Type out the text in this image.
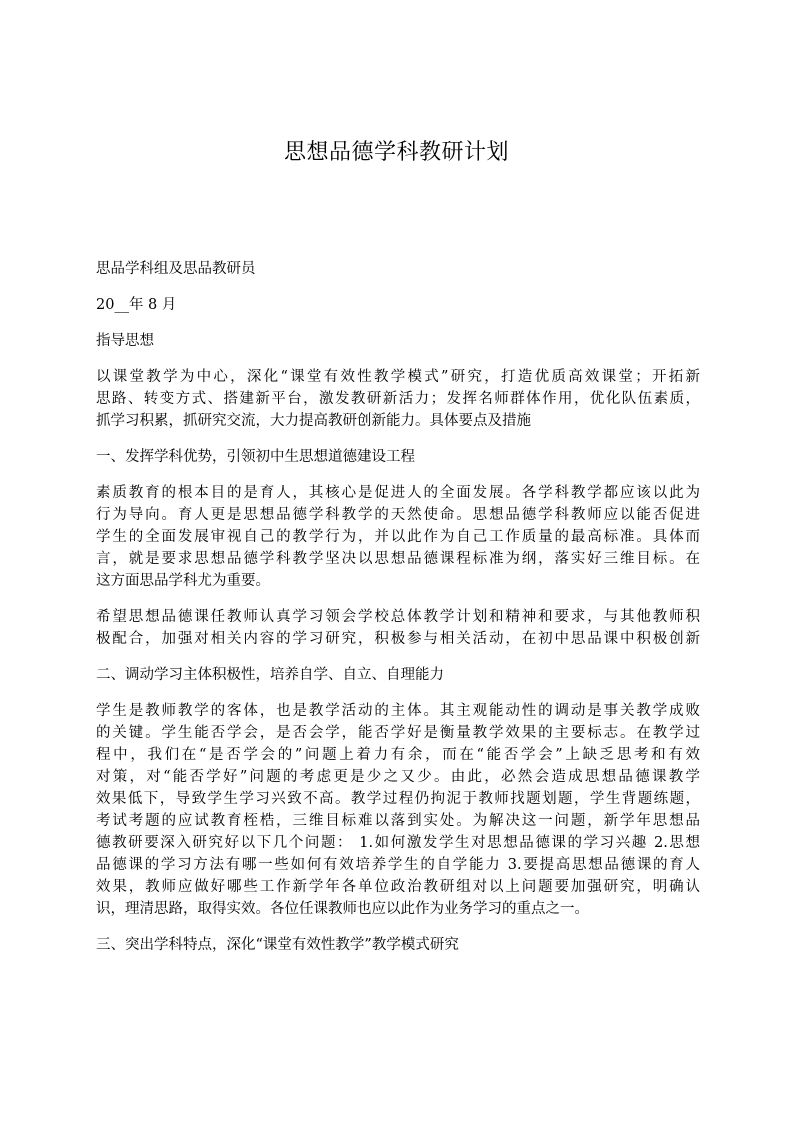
思想品德学科教研计划

思品学科组及思品教研员

20__年 8 月

指导思想

以课堂教学为中心，深化“课堂有效性教学模式”研究，打造优质高效课堂；开拓新
思路、转变方式、搭建新平台，激发教研新活力；发挥名师群体作用，优化队伍素质，
抓学习积累，抓研究交流，大力提高教研创新能力。具体要点及措施

一、发挥学科优势，引领初中生思想道德建设工程

素质教育的根本目的是育人，其核心是促进人的全面发展。各学科教学都应该以此为
行为导向。育人更是思想品德学科教学的天然使命。思想品德学科教师应以能否促进
学生的全面发展审视自己的教学行为，并以此作为自己工作质量的最高标准。具体而
言，就是要求思想品德学科教学坚决以思想品德课程标准为纲，落实好三维目标。在
这方面思品学科尤为重要。

希望思想品德课任教师认真学习领会学校总体教学计划和精神和要求，与其他教师积
极配合，加强对相关内容的学习研究，积极参与相关活动，在初中思品课中积极创新

二、调动学习主体积极性，培养自学、自立、自理能力

学生是教师教学的客体，也是教学活动的主体。其主观能动性的调动是事关教学成败
的关键。学生能否学会，是否会学，能否学好是衡量教学效果的主要标志。在教学过
程中，我们在“是否学会的”问题上着力有余，而在“能否学会”上缺乏思考和有效
对策，对“能否学好”问题的考虑更是少之又少。由此，必然会造成思想品德课教学
效果低下，导致学生学习兴致不高。教学过程仍拘泥于教师找题划题，学生背题练题，
考试考题的应试教育桎梏，三维目标难以落到实处。为解决这一问题，新学年思想品
德教研要深入研究好以下几个问题： 1.如何激发学生对思想品德课的学习兴趣 2.思想
品德课的学习方法有哪一些如何有效培养学生的自学能力 3.要提高思想品德课的育人
效果，教师应做好哪些工作新学年各单位政治教研组对以上问题要加强研究，明确认
识，理清思路，取得实效。各位任课教师也应以此作为业务学习的重点之一。

三、突出学科特点，深化“课堂有效性教学”教学模式研究
